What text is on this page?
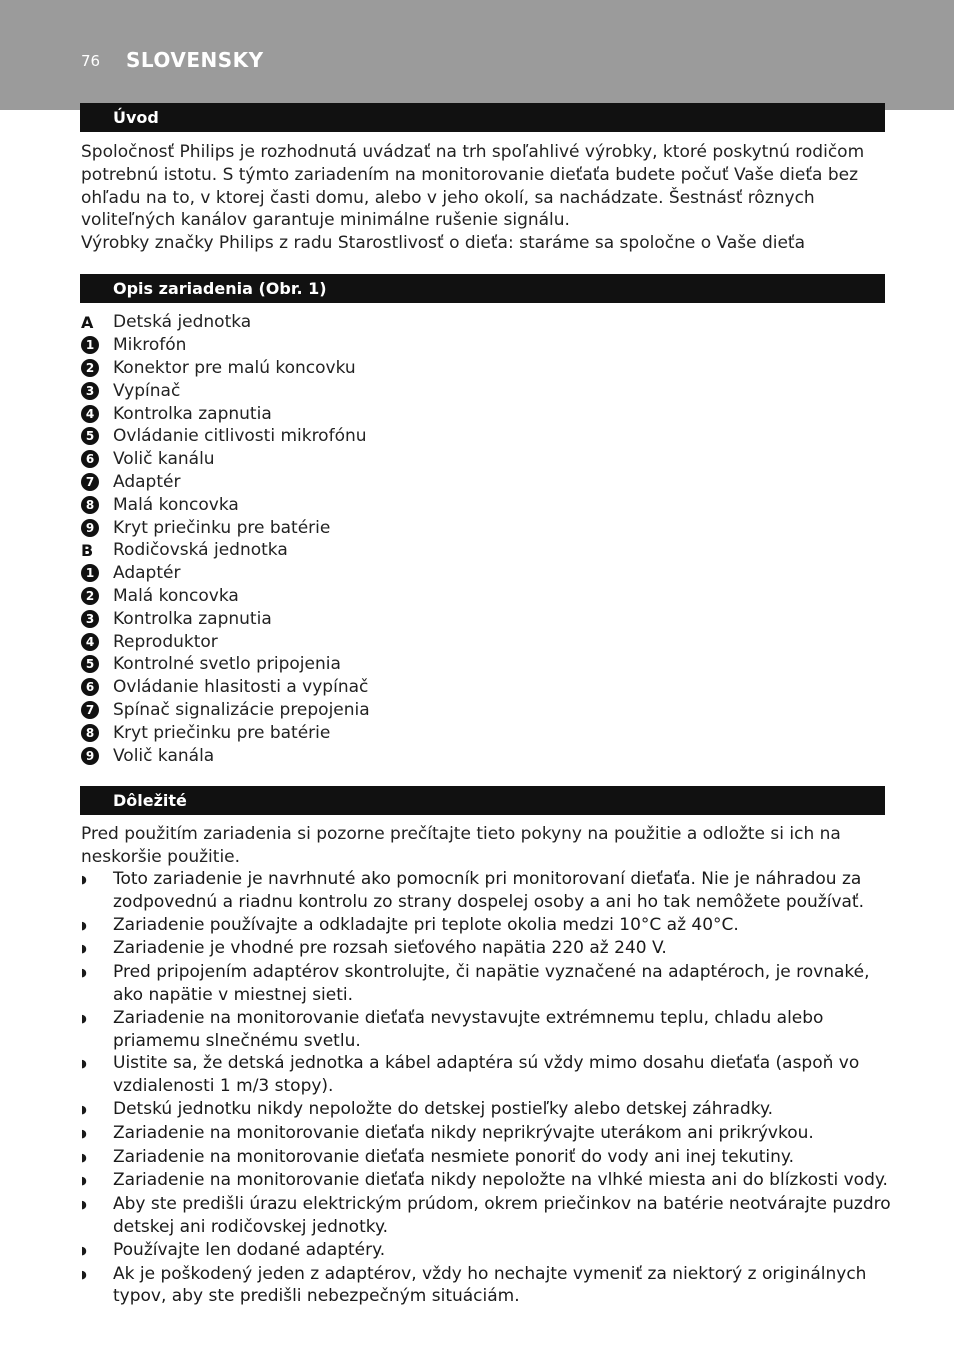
76 SLOVENSKY
Úvod

Spoločnosť Philips je rozhodnutá uvádzať na trh spoľahlivé výrobky, ktoré poskytnú rodičom potrebnú istotu. S týmto zariadením na monitorovanie dieťaťa budete počuť Vaše dieťa bez ohľadu na to, v ktorej časti domu, alebo v jeho okolí, sa nachádzate. Šestnásť rôznych voliteľných kanálov garantuje minimálne rušenie signálu.

Výrobky značky Philips z radu Starostlivosť o dieťa: staráme sa spoločne o Vaše dieťa

Opis zariadenia (Obr. 1)
A Detská jednotka
1 Mikrofón
2 Konektor pre malú koncovku
3 Vypínač
4 Kontrolka zapnutia
5 Ovládanie citlivosti mikrofónu
6 Volič kanálu
7 Adaptér
8 Malá koncovka
9 Kryt priečinku pre batérie
B Rodičovská jednotka
1 Adaptér
2 Malá koncovka
3 Kontrolka zapnutia
4 Reproduktor
5 Kontrolné svetlo pripojenia
6 Ovládanie hlasitosti a vypínač
7 Spínač signalizácie prepojenia
8 Kryt priečinku pre batérie
9 Volič kanála
Dôležité

Pred použitím zariadenia si pozorne prečítajte tieto pokyny na použitie a odložte si ich na neskoršie použitie.

◗	Toto zariadenie je navrhnuté ako pomocník pri monitorovaní dieťaťa. Nie je náhradou za zodpovednú a riadnu kontrolu zo strany dospelej osoby a ani ho tak nemôžete používať.
◗	Zariadenie používajte a odkladajte pri teplote okolia medzi 10°C až 40°C.
◗	Zariadenie je vhodné pre rozsah sieťového napätia 220 až 240 V.
◗	Pred pripojením adaptérov skontrolujte, či napätie vyznačené na adaptéroch, je rovnaké, ako napätie v miestnej sieti.
◗	Zariadenie na monitorovanie dieťaťa nevystavujte extrémnemu teplu, chladu alebo priamemu slnečnému svetlu.
◗	Uistite sa, že detská jednotka a kábel adaptéra sú vždy mimo dosahu dieťaťa (aspoň vo vzdialenosti 1 m/3 stopy).
◗	Detskú jednotku nikdy nepoložte do detskej postieľky alebo detskej záhradky.
◗	Zariadenie na monitorovanie dieťaťa nikdy neprikrývajte uterákom ani prikrývkou.
◗	Zariadenie na monitorovanie dieťaťa nesmiete ponoriť do vody ani inej tekutiny.
◗	Zariadenie na monitorovanie dieťaťa nikdy nepoložte na vlhké miesta ani do blízkosti vody.
◗	Aby ste predišli úrazu elektrickým prúdom, okrem priečinkov na batérie neotvárajte puzdro detskej ani rodičovskej jednotky.
◗	Používajte len dodané adaptéry.
◗	Ak je poškodený jeden z adaptérov, vždy ho nechajte vymeniť za niektorý z originálnych typov, aby ste predišli nebezpečným situáciám.
